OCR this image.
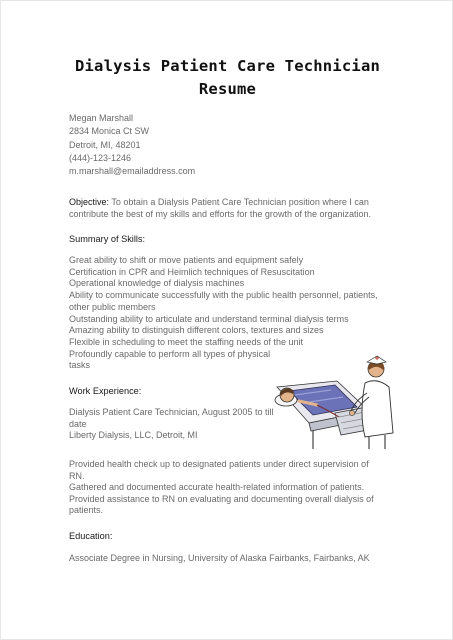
Dialysis Patient Care Technician
Resume
Megan Marshall
2834 Monica Ct SW
Detroit, MI, 48201
(444)-123-1246
m.marshall@emailaddress.com
Objective: To obtain a Dialysis Patient Care Technician position where I can
contribute the best of my skills and efforts for the growth of the organization.
Summary of Skills:
Great ability to shift or move patients and equipment safely
Certification in CPR and Heimlich techniques of Resuscitation
Operational knowledge of dialysis machines
Ability to communicate successfully with the public health personnel, patients,
other public members
Outstanding ability to articulate and understand terminal dialysis terms
Amazing ability to distinguish different colors, textures and sizes
Flexible in scheduling to meet the staffing needs of the unit
Profoundly capable to perform all types of physical
tasks
Work Experience:
Dialysis Patient Care Technician, August 2005 to till
date
Liberty Dialysis, LLC, Detroit, MI
Provided health check up to designated patients under direct supervision of
RN.
Gathered and documented accurate health-related information of patients.
Provided assistance to RN on evaluating and documenting overall dialysis of
patients.
Education:
Associate Degree in Nursing, University of Alaska Fairbanks, Fairbanks, AK
